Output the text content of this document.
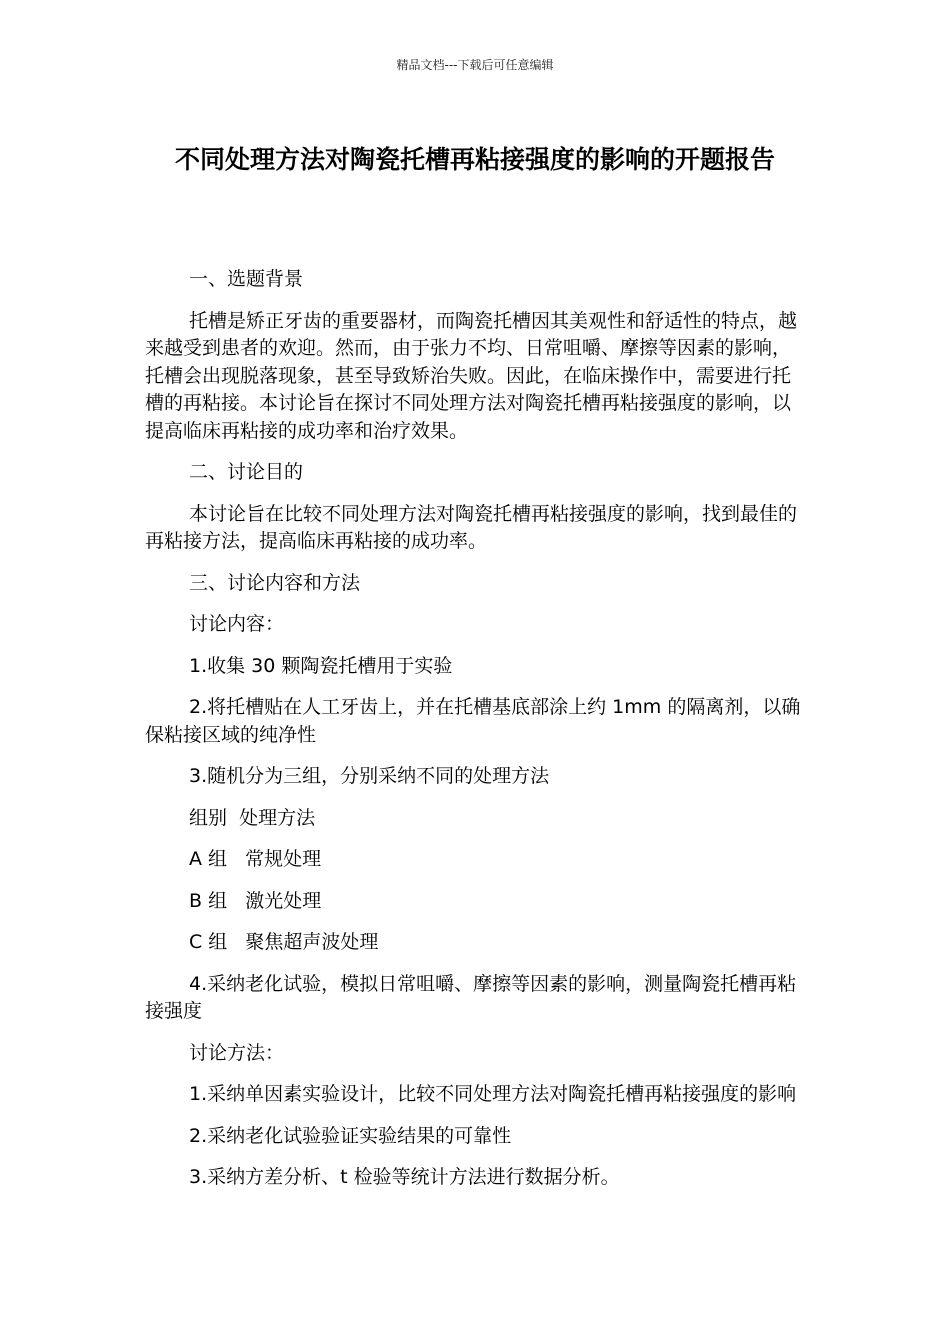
精品文档---下载后可任意编辑
不同处理方法对陶瓷托槽再粘接强度的影响的开题报告

一、选题背景

托槽是矫正牙齿的重要器材，而陶瓷托槽因其美观性和舒适性的特点，越来越受到患者的欢迎。然而，由于张力不均、日常咀嚼、摩擦等因素的影响，托槽会出现脱落现象，甚至导致矫治失败。因此，在临床操作中，需要进行托槽的再粘接。本讨论旨在探讨不同处理方法对陶瓷托槽再粘接强度的影响，以提高临床再粘接的成功率和治疗效果。

二、讨论目的

本讨论旨在比较不同处理方法对陶瓷托槽再粘接强度的影响，找到最佳的再粘接方法，提高临床再粘接的成功率。

三、讨论内容和方法

讨论内容：

1.收集 30 颗陶瓷托槽用于实验

2.将托槽贴在人工牙齿上，并在托槽基底部涂上约 1mm 的隔离剂，以确保粘接区域的纯净性

3.随机分为三组，分别采纳不同的处理方法

组别  处理方法

A 组   常规处理

B 组   激光处理

C 组   聚焦超声波处理

4.采纳老化试验，模拟日常咀嚼、摩擦等因素的影响，测量陶瓷托槽再粘接强度

讨论方法：

1.采纳单因素实验设计，比较不同处理方法对陶瓷托槽再粘接强度的影响

2.采纳老化试验验证实验结果的可靠性

3.采纳方差分析、t 检验等统计方法进行数据分析。
